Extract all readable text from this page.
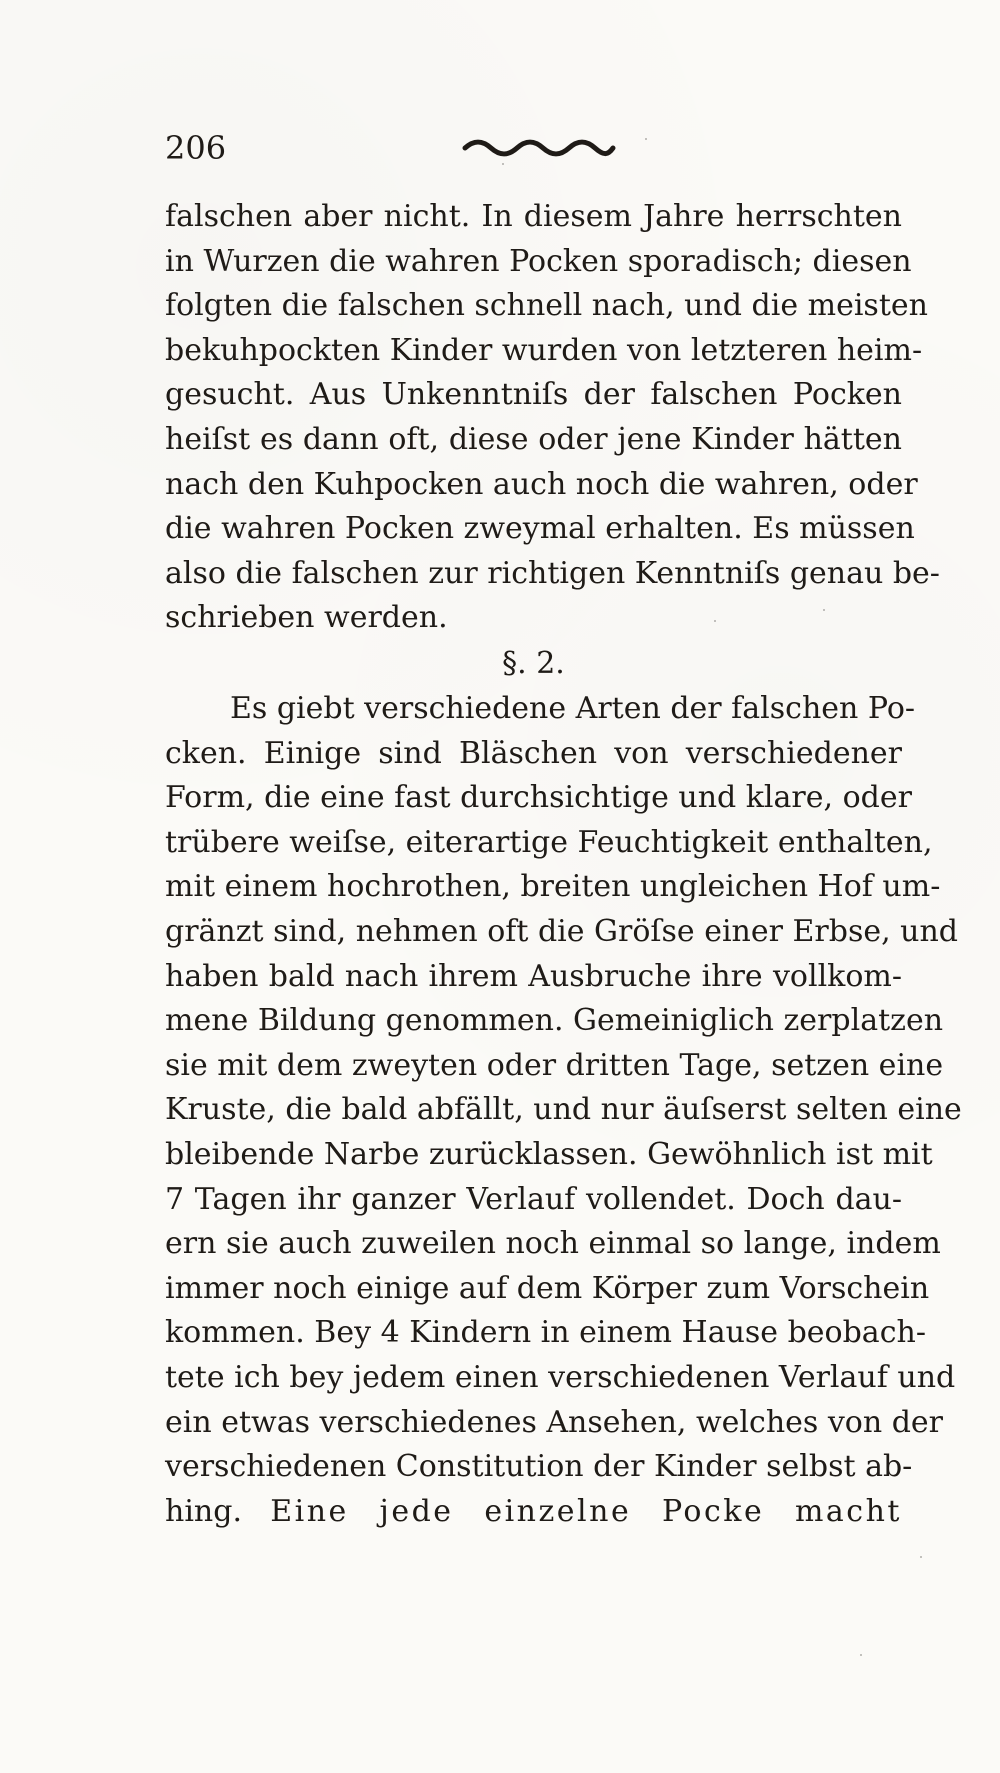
206
falschen aber nicht. In diesem Jahre herrschten
in Wurzen die wahren Pocken sporadisch; diesen
folgten die falschen schnell nach, und die meisten
bekuhpockten Kinder wurden von letzteren heim-
gesucht. Aus Unkenntniſs der falschen Pocken
heiſst es dann oft, diese oder jene Kinder hätten
nach den Kuhpocken auch noch die wahren, oder
die wahren Pocken zweymal erhalten. Es müssen
also die falschen zur richtigen Kenntniſs genau be-
schrieben werden.
§. 2.
Es giebt verschiedene Arten der falschen Po-
cken. Einige sind Bläschen von verschiedener
Form, die eine fast durchsichtige und klare, oder
trübere weiſse, eiterartige Feuchtigkeit enthalten,
mit einem hochrothen, breiten ungleichen Hof um-
gränzt sind, nehmen oft die Gröſse einer Erbse, und
haben bald nach ihrem Ausbruche ihre vollkom-
mene Bildung genommen. Gemeiniglich zerplatzen
sie mit dem zweyten oder dritten Tage, setzen eine
Kruste, die bald abfällt, und nur äuſserst selten eine
bleibende Narbe zurücklassen. Gewöhnlich ist mit
7 Tagen ihr ganzer Verlauf vollendet. Doch dau-
ern sie auch zuweilen noch einmal so lange, indem
immer noch einige auf dem Körper zum Vorschein
kommen. Bey 4 Kindern in einem Hause beobach-
tete ich bey jedem einen verschiedenen Verlauf und
ein etwas verschiedenes Ansehen, welches von der
verschiedenen Constitution der Kinder selbst ab-
hing. Eine jede einzelne Pocke macht
